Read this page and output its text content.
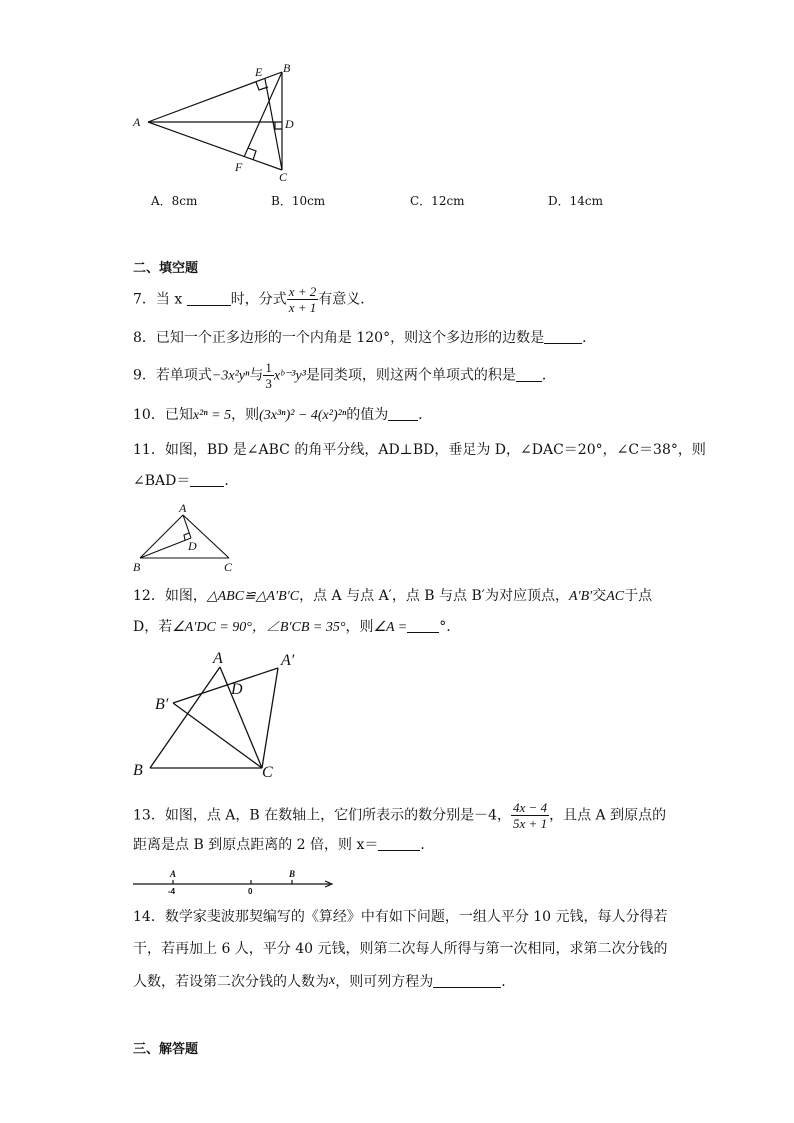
A
B
C
D
E
F
A．8cm	B．10cm	C．12cm	D．14cm
二、填空题
7．当 x	时，分式 $\frac{x + 2}{x + 1}$ 有意义．
8．已知一个正多边形的一个内角是 120°，则这个多边形的边数是	．
9．若单项式−3x²yⁿ与 $\frac{1}{3}$ xᵇ⁻³y³是同类项，则这两个单项式的积是 ．
10．已知x²ⁿ = 5，则(3x³ⁿ)² − 4(x²)²ⁿ的值为 ．
11．如图，BD 是∠ABC 的角平分线，AD⊥BD，垂足为 D，∠DAC＝20°，∠C＝38°，则
∠BAD＝ .
A
B	C
D
12．如图，△ABC≌△A′B′C，点 A 与点 A′，点 B 与点 B′为对应顶点，A′B′交AC于点
D，若∠A′DC = 90°，∠B′CB = 35°，则∠A = °.
A	A′
B
B′
C
D
13．如图，点 A，B 在数轴上，它们所表示的数分别是－4， $\frac{4x - 4}{5x + 1}$ ，且点 A 到原点的
距离是点 B 到原点距离的 2 倍，则 x＝	．
A	B
-4	0
14．数学家斐波那契编写的《算经》中有如下问题，一组人平分 10 元钱，每人分得若
干，若再加上 6 人，平分 40 元钱，则第二次每人所得与第一次相同，求第二次分钱的
人数，若设第二次分钱的人数为x，则可列方程为	．
三、解答题
